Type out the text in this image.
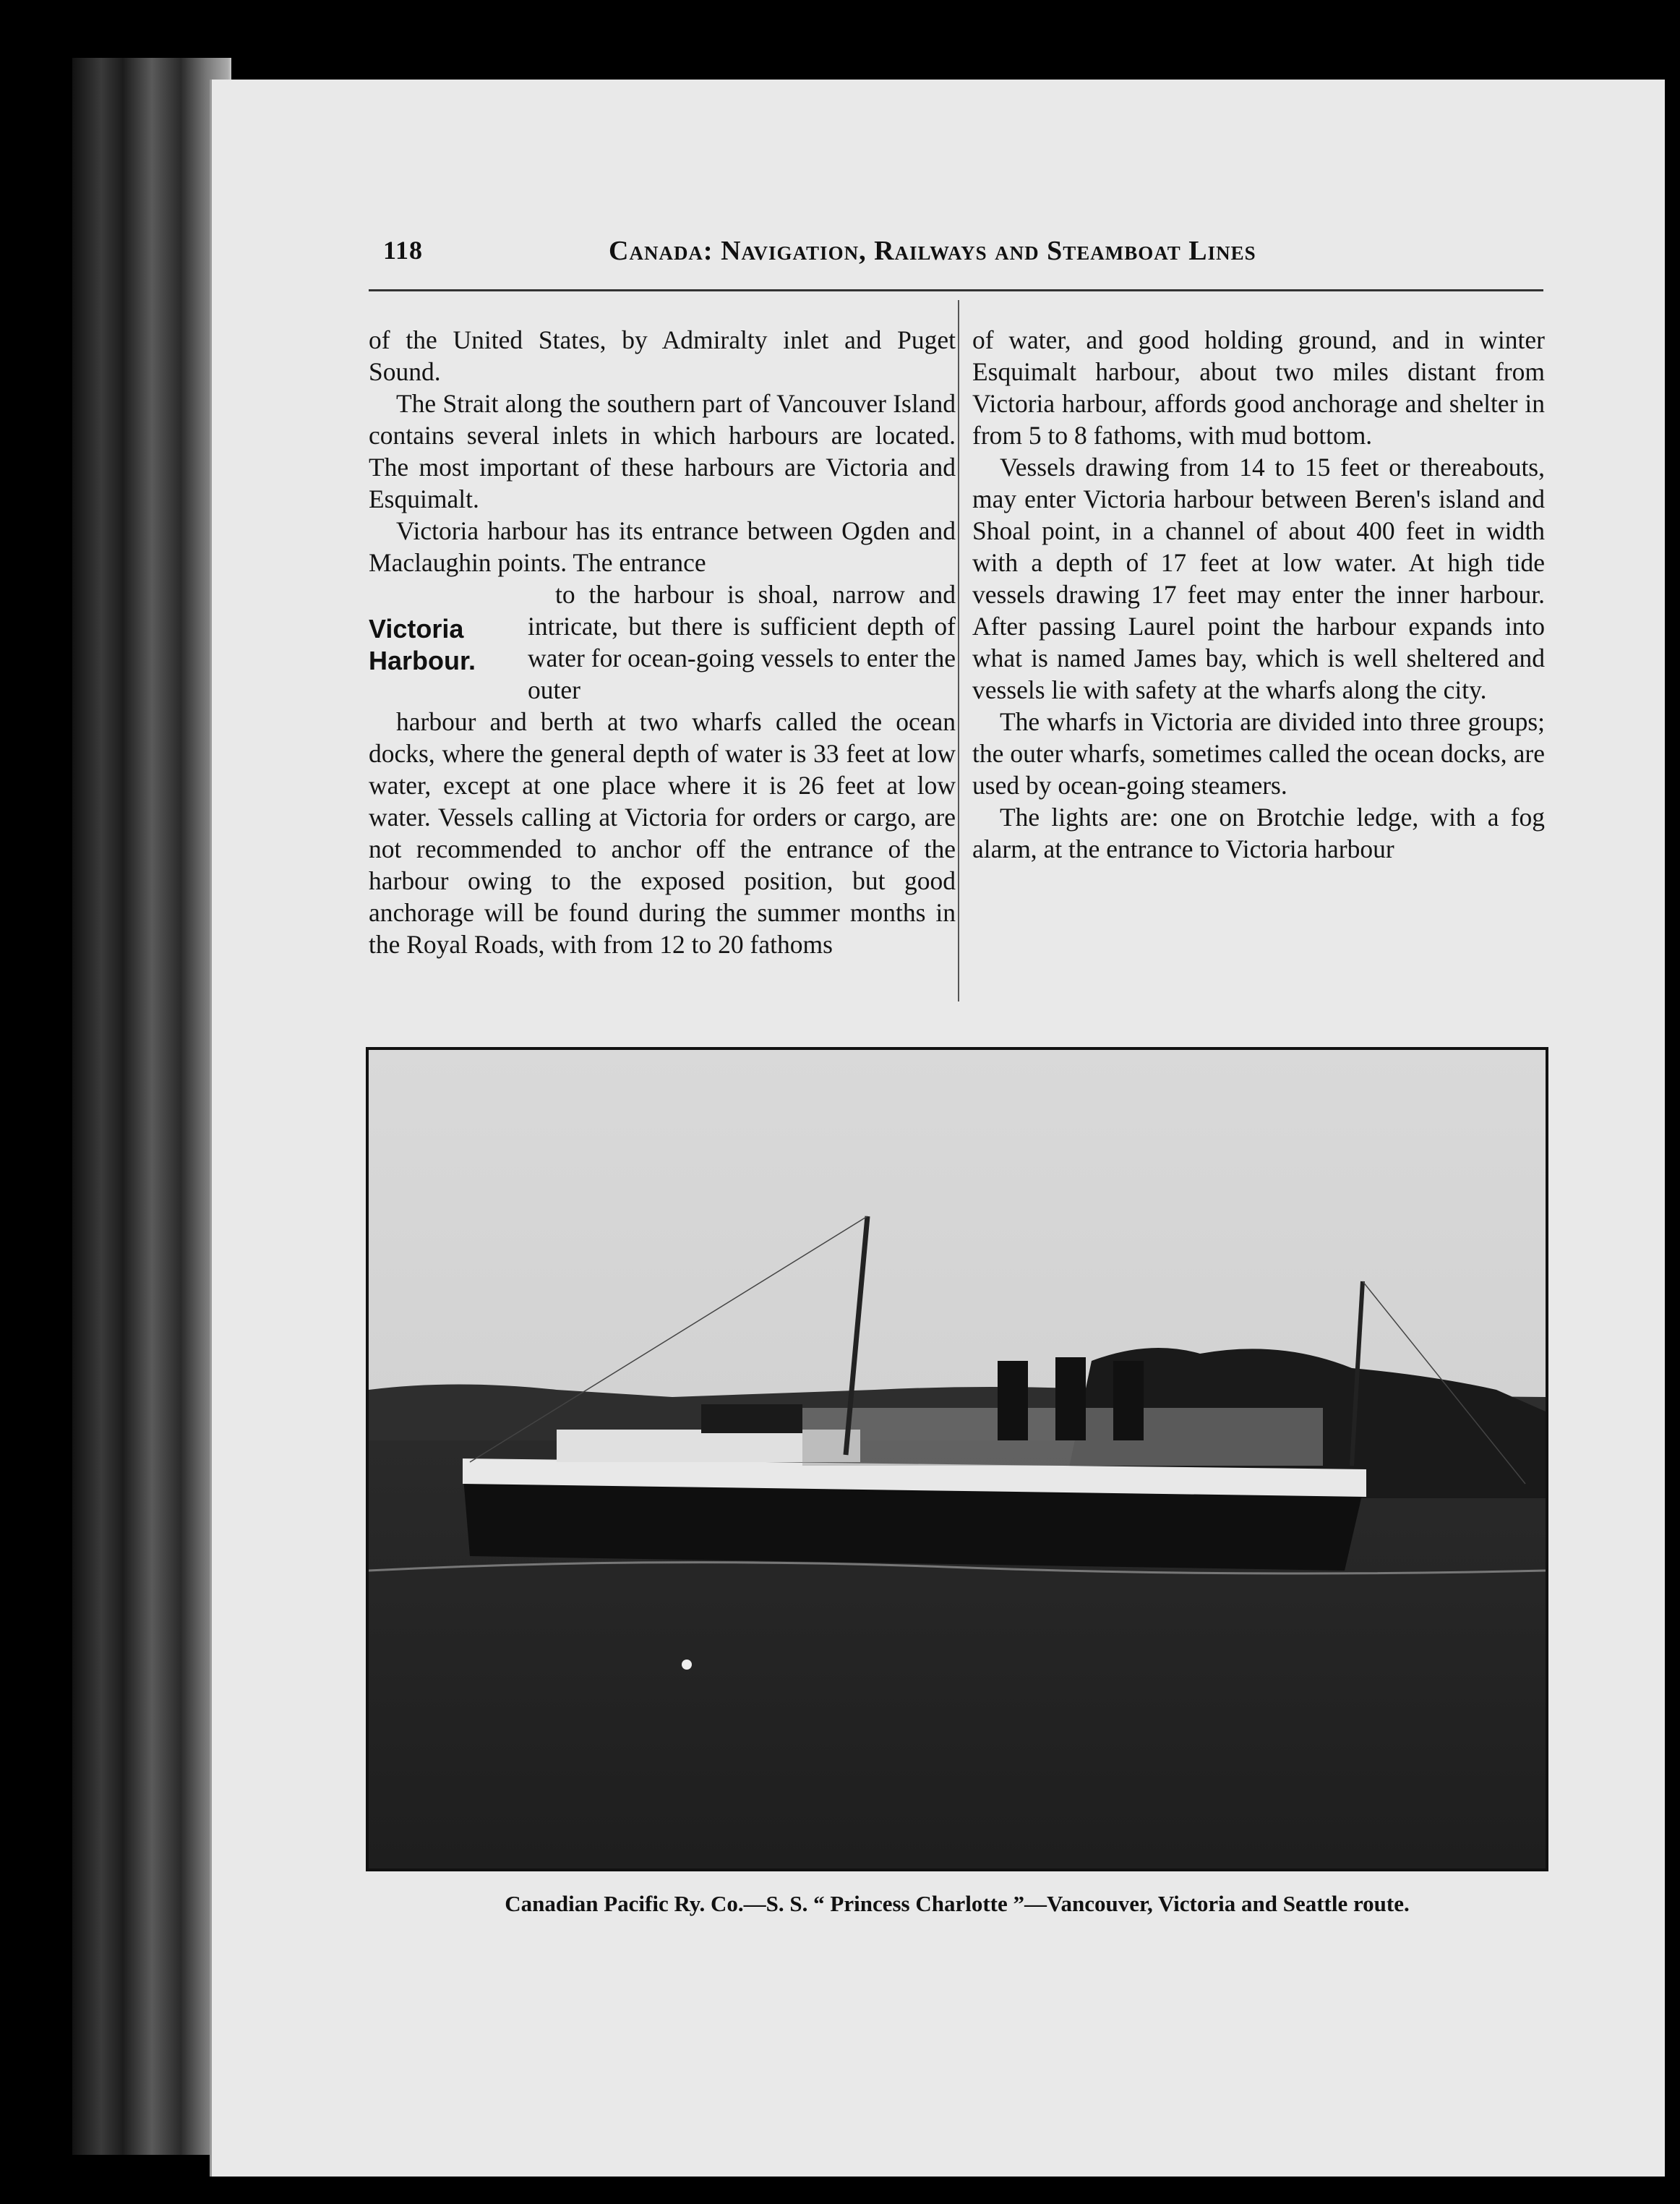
118	Canada: Navigation, Railways and Steamboat Lines

of the United States, by Admiralty inlet and Puget Sound.

The Strait along the southern part of Vancouver Island contains several inlets in which harbours are located. The most important of these harbours are Victoria and Esquimalt.

Victoria harbour has its entrance between Ogden and Maclaughin points. The entrance
to the harbour is shoal, narrow and intricate, but there is sufficient depth of water for ocean-going vessels to enter the outer
harbour and berth at two wharfs called the ocean docks, where the general depth of water is 33 feet at low water, except at one place where it is 26 feet at low water. Vessels calling at Victoria for orders or cargo, are not recommended to anchor off the entrance of the harbour owing to the exposed position, but good anchorage will be found during the summer months in the Royal Roads, with from 12 to 20 fathoms

Victoria
Harbour.

of water, and good holding ground, and in winter Esquimalt harbour, about two miles distant from Victoria harbour, affords good anchorage and shelter in from 5 to 8 fathoms, with mud bottom.

Vessels drawing from 14 to 15 feet or thereabouts, may enter Victoria harbour between Beren's island and Shoal point, in a channel of about 400 feet in width with a depth of 17 feet at low water. At high tide vessels drawing 17 feet may enter the inner harbour. After passing Laurel point the harbour expands into what is named James bay, which is well sheltered and vessels lie with safety at the wharfs along the city.

The wharfs in Victoria are divided into three groups; the outer wharfs, sometimes called the ocean docks, are used by ocean-going steamers.

The lights are: one on Brotchie ledge, with a fog alarm, at the entrance to Victoria harbour

Canadian Pacific Ry. Co.—S. S. “ Princess Charlotte ”—Vancouver, Victoria and Seattle route.
